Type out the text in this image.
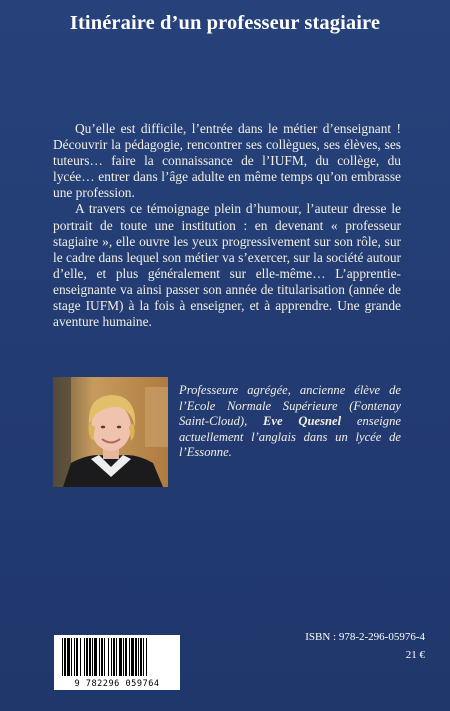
Itinéraire d’un professeur stagiaire

Qu’elle est difficile, l’entrée dans le métier d’enseignant ! Découvrir la pédagogie, rencontrer ses collègues, ses élèves, ses tuteurs… faire la connaissance de l’IUFM, du collège, du lycée… entrer dans l’âge adulte en même temps qu’on embrasse une profession.

A travers ce témoignage plein d’humour, l’auteur dresse le portrait de toute une institution : en devenant « professeur stagiaire », elle ouvre les yeux progressivement sur son rôle, sur le cadre dans lequel son métier va s’exercer, sur la société autour d’elle, et plus généralement sur elle-même… L’apprentie-enseignante va ainsi passer son année de titularisation (année de stage IUFM) à la fois à enseigner, et à apprendre. Une grande aventure humaine.

Professeure agrégée, ancienne élève de l’Ecole Normale Supérieure (Fontenay Saint-Cloud), Eve Quesnel enseigne actuellement l’anglais dans un lycée de l’Essonne.
9 782296 059764
ISBN : 978-2-296-05976-4
21 €
